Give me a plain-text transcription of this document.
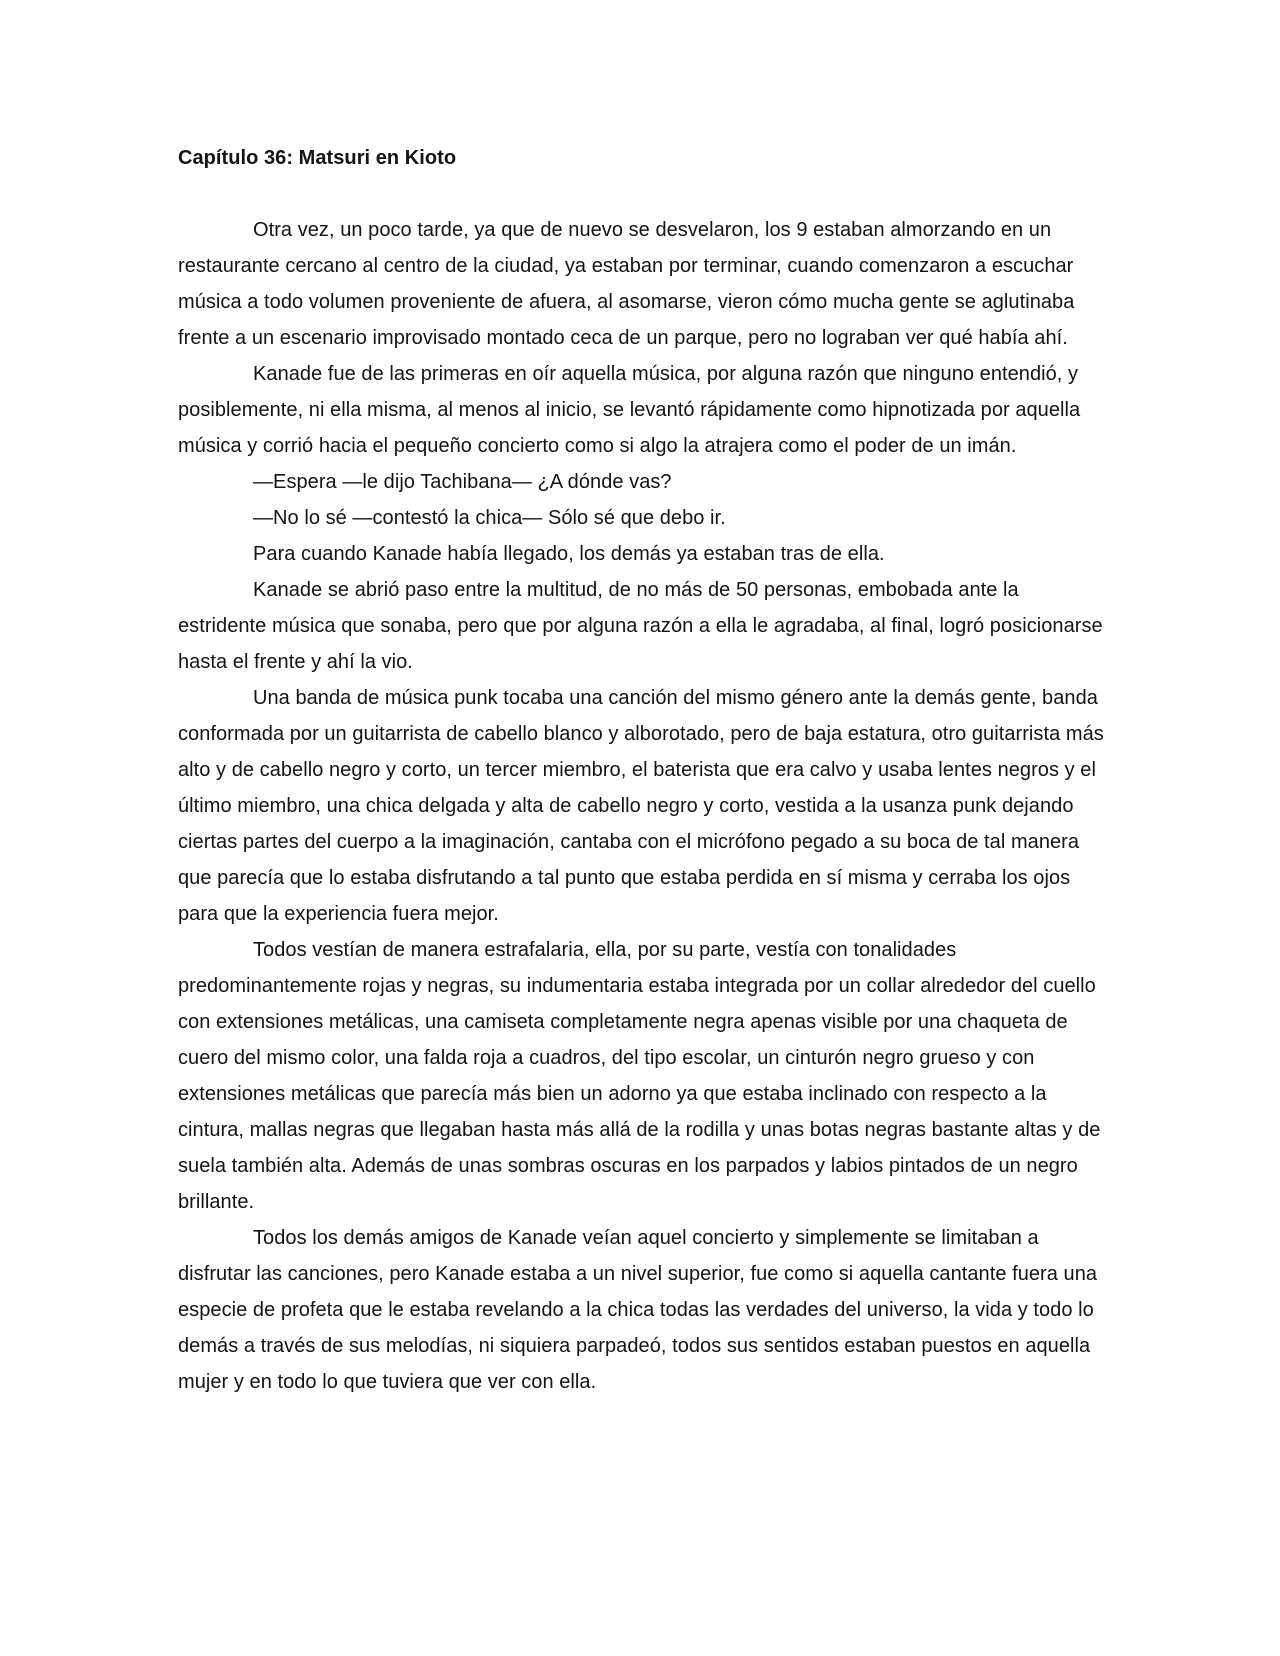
Capítulo 36: Matsuri en Kioto

Otra vez, un poco tarde, ya que de nuevo se desvelaron, los 9 estaban almorzando en un restaurante cercano al centro de la ciudad, ya estaban por terminar, cuando comenzaron a escuchar música a todo volumen proveniente de afuera, al asomarse, vieron cómo mucha gente se aglutinaba frente a un escenario improvisado montado ceca de un parque, pero no lograban ver qué había ahí.

Kanade fue de las primeras en oír aquella música, por alguna razón que ninguno entendió, y posiblemente, ni ella misma, al menos al inicio, se levantó rápidamente como hipnotizada por aquella música y corrió hacia el pequeño concierto como si algo la atrajera como el poder de un imán.

—Espera —le dijo Tachibana— ¿A dónde vas?

—No lo sé —contestó la chica— Sólo sé que debo ir.

Para cuando Kanade había llegado, los demás ya estaban tras de ella.

Kanade se abrió paso entre la multitud, de no más de 50 personas, embobada ante la estridente música que sonaba, pero que por alguna razón a ella le agradaba, al final, logró posicionarse hasta el frente y ahí la vio.

Una banda de música punk tocaba una canción del mismo género ante la demás gente, banda conformada por un guitarrista de cabello blanco y alborotado, pero de baja estatura, otro guitarrista más alto y de cabello negro y corto, un tercer miembro, el baterista que era calvo y usaba lentes negros y el último miembro, una chica delgada y alta de cabello negro y corto, vestida a la usanza punk dejando ciertas partes del cuerpo a la imaginación, cantaba con el micrófono pegado a su boca de tal manera que parecía que lo estaba disfrutando a tal punto que estaba perdida en sí misma y cerraba los ojos para que la experiencia fuera mejor.

Todos vestían de manera estrafalaria, ella, por su parte, vestía con tonalidades predominantemente rojas y negras, su indumentaria estaba integrada por un collar alrededor del cuello con extensiones metálicas, una camiseta completamente negra apenas visible por una chaqueta de cuero del mismo color, una falda roja a cuadros, del tipo escolar, un cinturón negro grueso y con extensiones metálicas que parecía más bien un adorno ya que estaba inclinado con respecto a la cintura, mallas negras que llegaban hasta más allá de la rodilla y unas botas negras bastante altas y de suela también alta. Además de unas sombras oscuras en los parpados y labios pintados de un negro brillante.

Todos los demás amigos de Kanade veían aquel concierto y simplemente se limitaban a disfrutar las canciones, pero Kanade estaba a un nivel superior, fue como si aquella cantante fuera una especie de profeta que le estaba revelando a la chica todas las verdades del universo, la vida y todo lo demás a través de sus melodías, ni siquiera parpadeó, todos sus sentidos estaban puestos en aquella mujer y en todo lo que tuviera que ver con ella.
